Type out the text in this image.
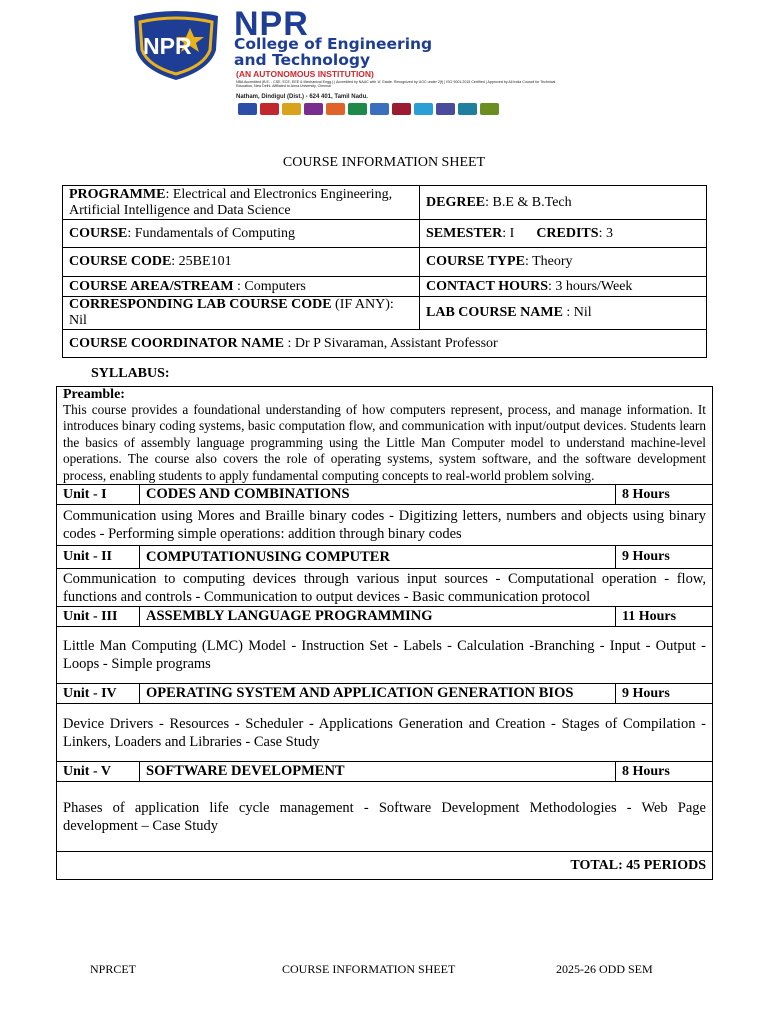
NPR
NPR
College of Engineering
and Technology
(AN AUTONOMOUS INSTITUTION)
NBA Accredited (B.E. - CSE, ECE, EEE & Mechanical Engg.) | Accredited by NAAC with 'A' Grade. Recognized by UGC under 2(f) | ISO 9001:2015 Certified | Approved by All India Council for Technical Education, New Delhi. Affiliated to Anna University, Chennai
Natham, Dindigul (Dist.) - 624 401, Tamil Nadu.
COURSE INFORMATION SHEET
PROGRAMME: Electrical and Electronics Engineering,
Artificial Intelligence and Data Science	DEGREE: B.E & B.Tech
COURSE: Fundamentals of Computing	SEMESTER: I CREDITS: 3
COURSE CODE: 25BE101	COURSE TYPE: Theory
COURSE AREA/STREAM : Computers	CONTACT HOURS: 3 hours/Week
CORRESPONDING LAB COURSE CODE (IF ANY): Nil	LAB COURSE NAME : Nil
COURSE COORDINATOR NAME : Dr P Sivaraman, Assistant Professor	
SYLLABUS:
Preamble:
This course provides a foundational understanding of how computers represent, process, and manage information. It introduces binary coding systems, basic computation flow, and communication with input/output devices. Students learn the basics of assembly language programming using the Little Man Computer model to understand machine-level operations. The course also covers the role of operating systems, system software, and the software development process, enabling students to apply fundamental computing concepts to real-world problem solving.		

Unit - I	CODES AND COMBINATIONS	8 Hours
Communication using Mores and Braille binary codes - Digitizing letters, numbers and objects using binary codes - Performing simple operations: addition through binary codes		
Unit - II	COMPUTATIONUSING COMPUTER	9 Hours
Communication to computing devices through various input sources - Computational operation - flow, functions and controls - Communication to output devices - Basic communication protocol		
Unit - III	ASSEMBLY LANGUAGE PROGRAMMING	11 Hours
Little Man Computing (LMC) Model - Instruction Set - Labels - Calculation -Branching - Input - Output - Loops - Simple programs		
Unit - IV	OPERATING SYSTEM AND APPLICATION GENERATION BIOS	9 Hours
Device Drivers - Resources - Scheduler - Applications Generation and Creation - Stages of Compilation - Linkers, Loaders and Libraries - Case Study		
Unit - V	SOFTWARE DEVELOPMENT	8 Hours
Phases of application life cycle management - Software Development Methodologies - Web Page development – Case Study		
TOTAL: 45 PERIODS		
NPRCET	COURSE INFORMATION SHEET	2025-26 ODD SEM
